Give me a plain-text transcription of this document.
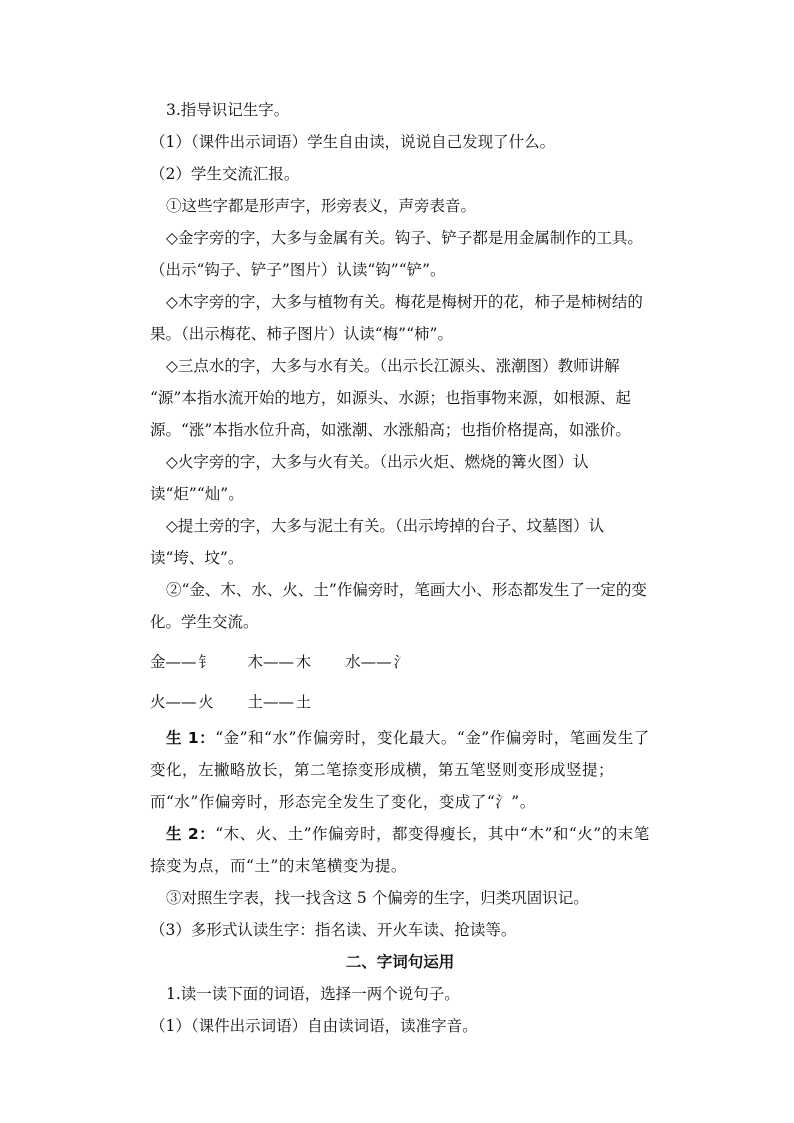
3.指导识记生字。
（1）（课件出示词语）学生自由读，说说自己发现了什么。
（2）学生交流汇报。
①这些字都是形声字，形旁表义，声旁表音。
◇金字旁的字，大多与金属有关。钩子、铲子都是用金属制作的工具。（出示“钩子、铲子”图片）认读“钩”“铲”。
◇木字旁的字，大多与植物有关。梅花是梅树开的花，柿子是柿树结的果。（出示梅花、柿子图片）认读“梅”“柿”。
◇三点水的字，大多与水有关。（出示长江源头、涨潮图）教师讲解 “源”本指水流开始的地方，如源头、水源；也指事物来源，如根源、起源。“涨”本指水位升高，如涨潮、水涨船高；也指价格提高，如涨价。
◇火字旁的字，大多与火有关。（出示火炬、燃烧的篝火图）认读“炬”“灿”。
◇提土旁的字，大多与泥土有关。（出示垮掉的台子、坟墓图）认读“垮、坟”。
②“金、木、水、火、土”作偏旁时，笔画大小、形态都发生了一定的变化。学生交流。
金—— 钅 木—— 木 水—— 氵
火—— 火 土—— 土
生 1：“金”和“水”作偏旁时，变化最大。“金”作偏旁时，笔画发生了变化，左撇略放长，第二笔捺变形成横，第五笔竖则变形成竖提；而“水”作偏旁时，形态完全发生了变化，变成了“氵”。
生 2：“木、火、土”作偏旁时，都变得瘦长，其中“木”和“火”的末笔捺变为点，而“土”的末笔横变为提。
③对照生字表，找一找含这 5 个偏旁的生字，归类巩固识记。
（3）多形式认读生字：指名读、开火车读、抢读等。
二、字词句运用
1.读一读下面的词语，选择一两个说句子。
（1）（课件出示词语）自由读词语，读准字音。
